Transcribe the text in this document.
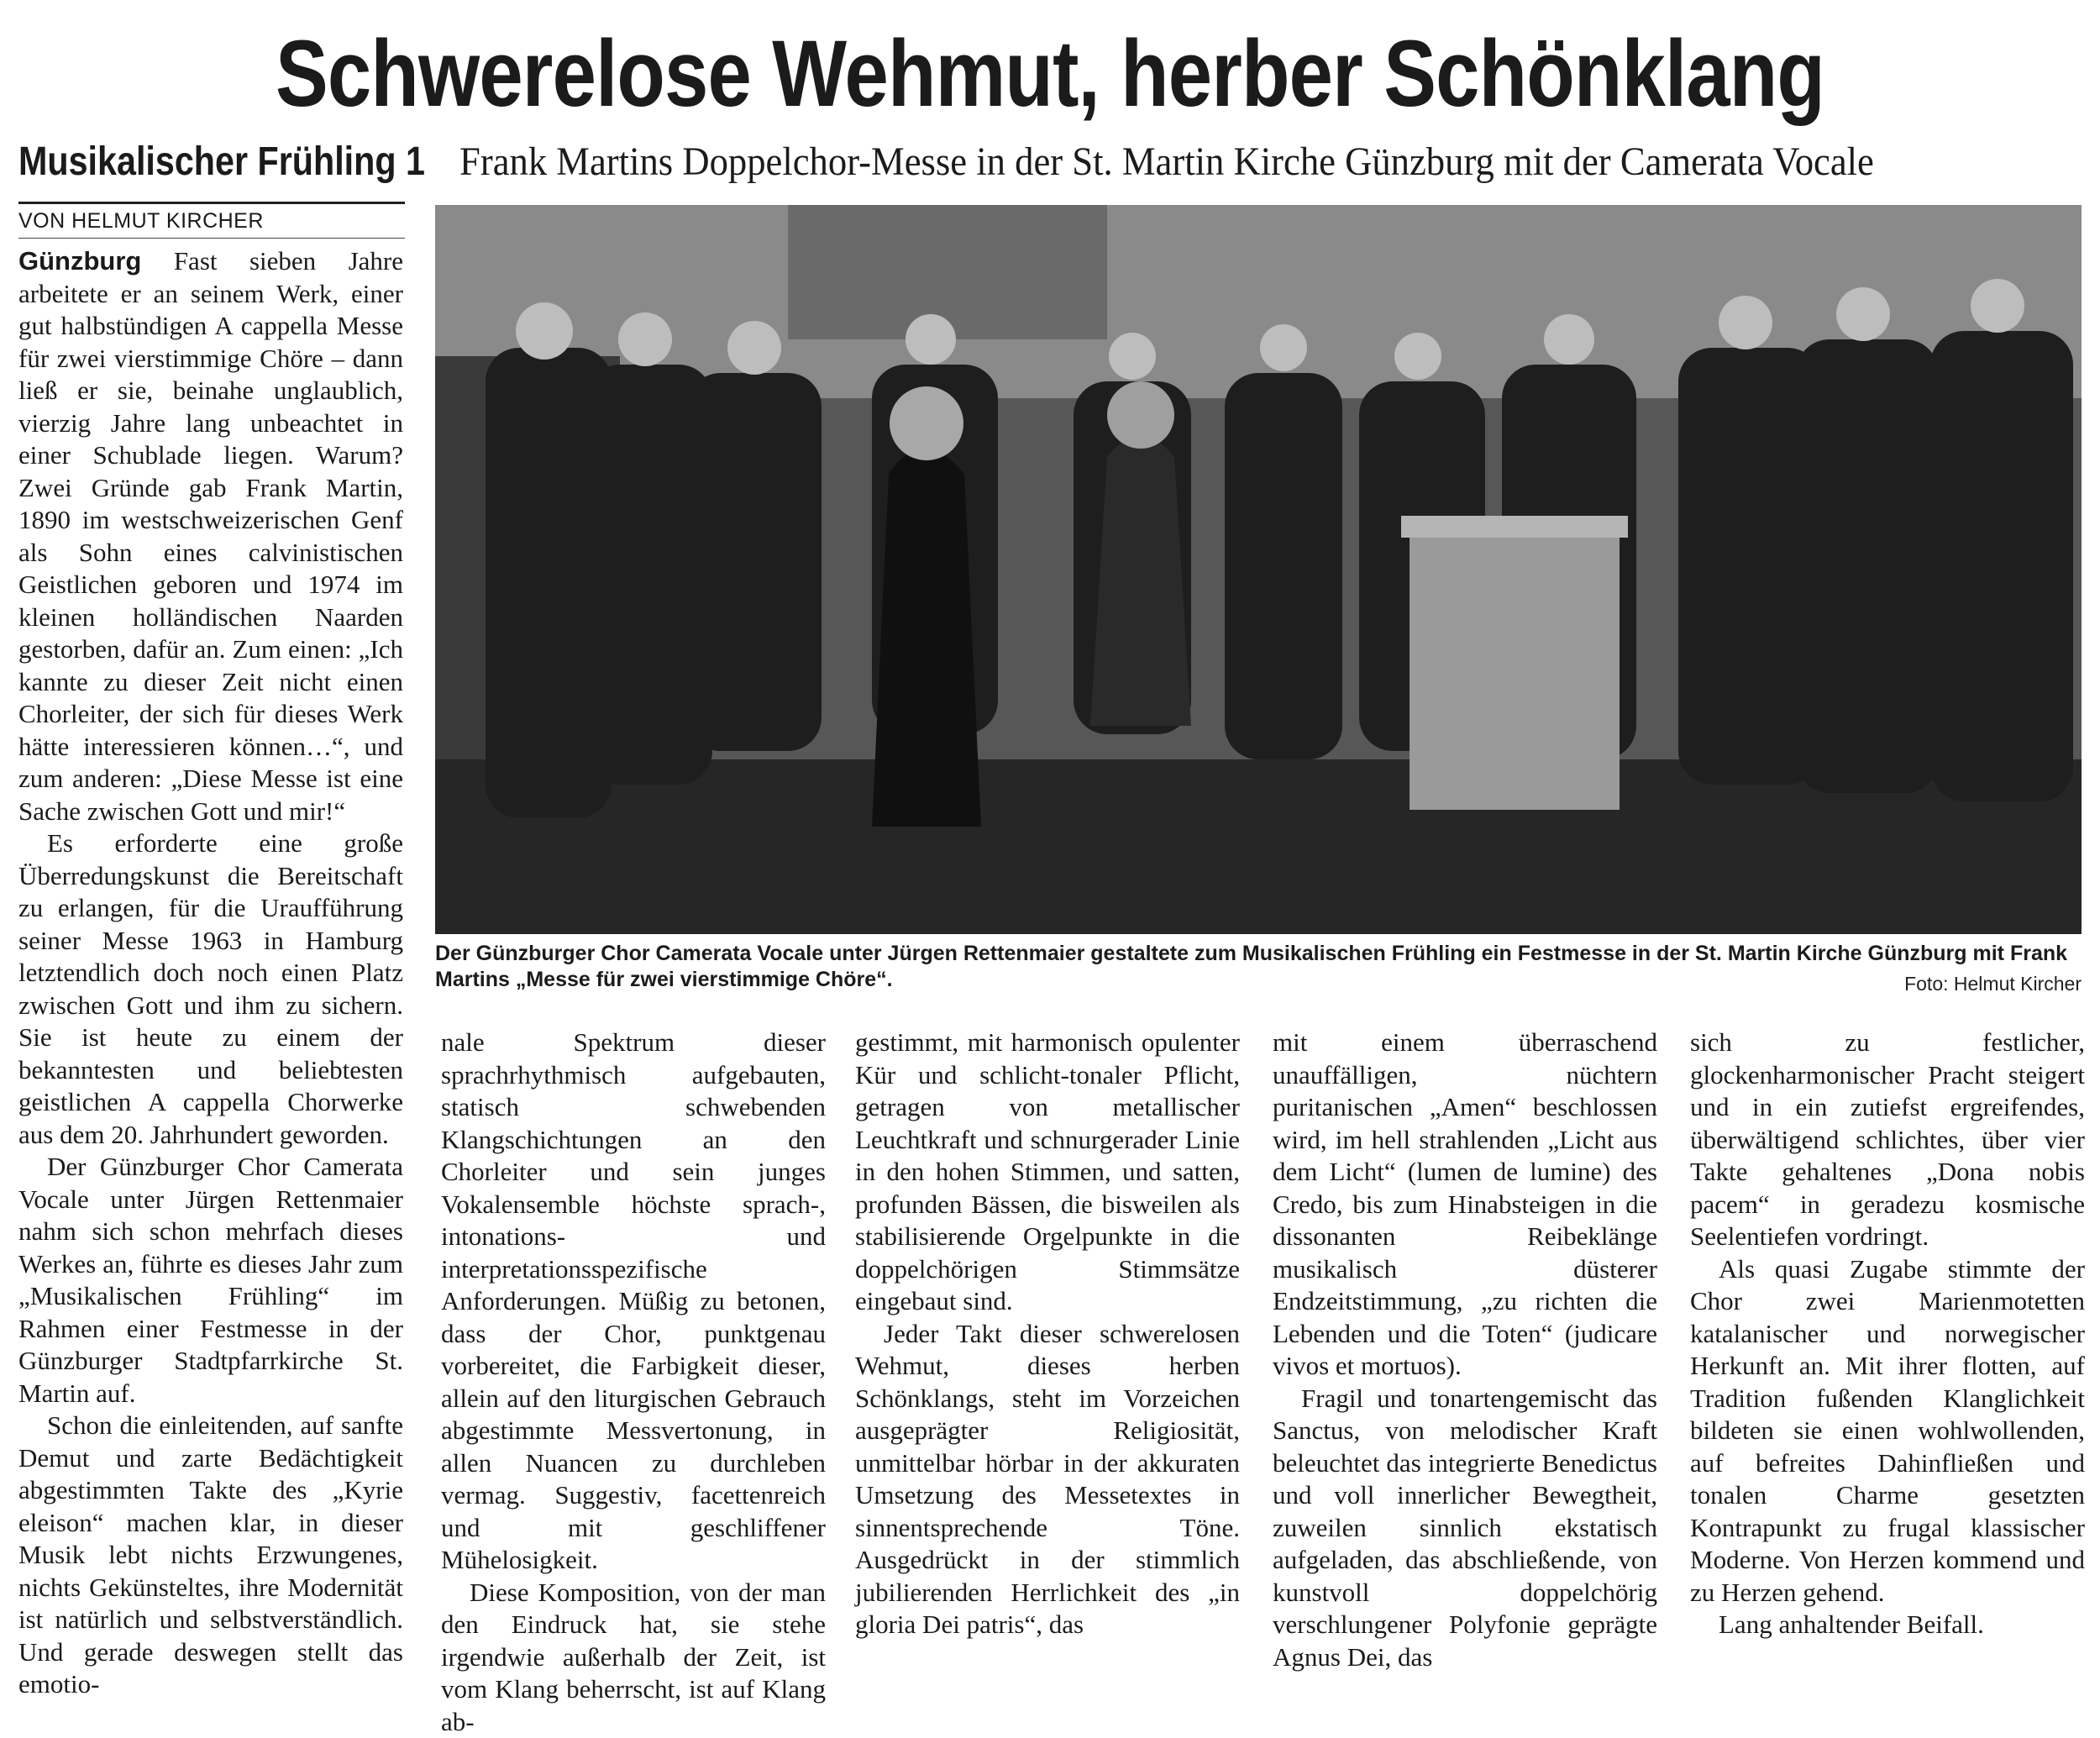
Schwerelose Wehmut, herber Schönklang
Musikalischer Frühling 1 Frank Martins Doppelchor-Messe in der St. Martin Kirche Günzburg mit der Camerata Vocale
VON HELMUT KIRCHER

Günzburg Fast sieben Jahre arbeitete er an seinem Werk, einer gut halbstündigen A cappella Messe für zwei vierstimmige Chöre – dann ließ er sie, beinahe unglaublich, vierzig Jahre lang unbeachtet in einer Schublade liegen. Warum? Zwei Gründe gab Frank Martin, 1890 im westschweizerischen Genf als Sohn eines calvinistischen Geistlichen geboren und 1974 im kleinen holländischen Naarden gestorben, dafür an. Zum einen: „Ich kannte zu dieser Zeit nicht einen Chorleiter, der sich für dieses Werk hätte interessieren können…“, und zum anderen: „Diese Messe ist eine Sache zwischen Gott und mir!“

Es erforderte eine große Überredungskunst die Bereitschaft zu erlangen, für die Uraufführung seiner Messe 1963 in Hamburg letztendlich doch noch einen Platz zwischen Gott und ihm zu sichern. Sie ist heute zu einem der bekanntesten und beliebtesten geistlichen A cappella Chorwerke aus dem 20. Jahrhundert geworden.

Der Günzburger Chor Camerata Vocale unter Jürgen Rettenmaier nahm sich schon mehrfach dieses Werkes an, führte es dieses Jahr zum „Musikalischen Frühling“ im Rahmen einer Festmesse in der Günzburger Stadtpfarrkirche St. Martin auf.

Schon die einleitenden, auf sanfte Demut und zarte Bedächtigkeit abgestimmten Takte des „Kyrie eleison“ machen klar, in dieser Musik lebt nichts Erzwungenes, nichts Gekünsteltes, ihre Modernität ist natürlich und selbstverständlich. Und gerade deswegen stellt das emotio-

Der Günzburger Chor Camerata Vocale unter Jürgen Rettenmaier gestaltete zum Musikalischen Frühling ein Festmesse in der St. Martin Kirche Günzburg mit Frank Martins „Messe für zwei vierstimmige Chöre“.	Foto: Helmut Kircher

nale Spektrum dieser sprachrhythmisch aufgebauten, statisch schwebenden Klangschichtungen an den Chorleiter und sein junges Vokalensemble höchste sprach-, intonations- und interpretationsspezifische Anforderungen. Müßig zu betonen, dass der Chor, punktgenau vorbereitet, die Farbigkeit dieser, allein auf den liturgischen Gebrauch abgestimmte Messvertonung, in allen Nuancen zu durchleben vermag. Suggestiv, facettenreich und mit geschliffener Mühelosigkeit.

Diese Komposition, von der man den Eindruck hat, sie stehe irgendwie außerhalb der Zeit, ist vom Klang beherrscht, ist auf Klang ab-

gestimmt, mit harmonisch opulenter Kür und schlicht-tonaler Pflicht, getragen von metallischer Leuchtkraft und schnurgerader Linie in den hohen Stimmen, und satten, profunden Bässen, die bisweilen als stabilisierende Orgelpunkte in die doppelchörigen Stimmsätze eingebaut sind.

Jeder Takt dieser schwerelosen Wehmut, dieses herben Schönklangs, steht im Vorzeichen ausgeprägter Religiosität, unmittelbar hörbar in der akkuraten Umsetzung des Messetextes in sinnentsprechende Töne. Ausgedrückt in der stimmlich jubilierenden Herrlichkeit des „in gloria Dei patris“, das

mit einem überraschend unauffälligen, nüchtern puritanischen „Amen“ beschlossen wird, im hell strahlenden „Licht aus dem Licht“ (lumen de lumine) des Credo, bis zum Hinabsteigen in die dissonanten Reibeklänge musikalisch düsterer Endzeitstimmung, „zu richten die Lebenden und die Toten“ (judicare vivos et mortuos).

Fragil und tonartengemischt das Sanctus, von melodischer Kraft beleuchtet das integrierte Benedictus und voll innerlicher Bewegtheit, zuweilen sinnlich ekstatisch aufgeladen, das abschließende, von kunstvoll doppelchörig verschlungener Polyfonie geprägte Agnus Dei, das

sich zu festlicher, glockenharmonischer Pracht steigert und in ein zutiefst ergreifendes, überwältigend schlichtes, über vier Takte gehaltenes „Dona nobis pacem“ in geradezu kosmische Seelentiefen vordringt.

Als quasi Zugabe stimmte der Chor zwei Marienmotetten katalanischer und norwegischer Herkunft an. Mit ihrer flotten, auf Tradition fußenden Klanglichkeit bildeten sie einen wohlwollenden, auf befreites Dahinfließen und tonalen Charme gesetzten Kontrapunkt zu frugal klassischer Moderne. Von Herzen kommend und zu Herzen gehend.

Lang anhaltender Beifall.
